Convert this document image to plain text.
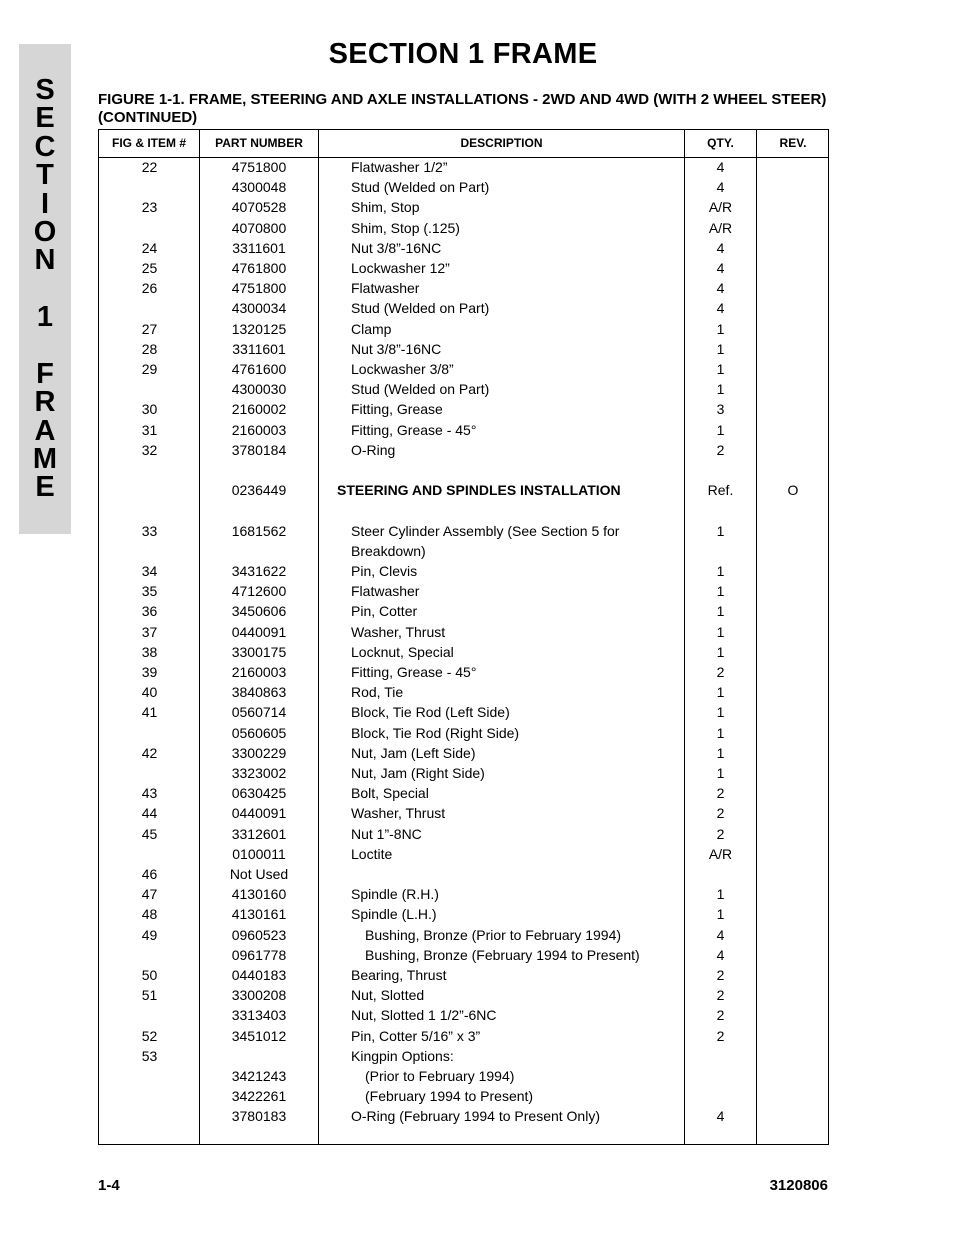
S
E
C
T
I
O
N
1
F
R
A
M
E
SECTION 1 FRAME
FIGURE 1-1. FRAME, STEERING AND AXLE INSTALLATIONS - 2WD AND 4WD (WITH 2 WHEEL STEER) (CONTINUED)
FIG & ITEM #	PART NUMBER	DESCRIPTION	QTY.	REV.
22	4751800	Flatwasher 1/2”	4
4300048	Stud (Welded on Part)	4
23	4070528	Shim, Stop	A/R
4070800	Shim, Stop (.125)	A/R
24	3311601	Nut 3/8”-16NC	4
25	4761800	Lockwasher 12”	4
26	4751800	Flatwasher	4
4300034	Stud (Welded on Part)	4
27	1320125	Clamp	1
28	3311601	Nut 3/8”-16NC	1
29	4761600	Lockwasher 3/8”	1
4300030	Stud (Welded on Part)	1
30	2160002	Fitting, Grease	3
31	2160003	Fitting, Grease - 45°	1
32	3780184	O-Ring	2
0236449	STEERING AND SPINDLES INSTALLATION	Ref.	O
33	1681562	Steer Cylinder Assembly (See Section 5 for	1
Breakdown)
34	3431622	Pin, Clevis	1
35	4712600	Flatwasher	1
36	3450606	Pin, Cotter	1
37	0440091	Washer, Thrust	1
38	3300175	Locknut, Special	1
39	2160003	Fitting, Grease - 45°	2
40	3840863	Rod, Tie	1
41	0560714	Block, Tie Rod (Left Side)	1
0560605	Block, Tie Rod (Right Side)	1
42	3300229	Nut, Jam (Left Side)	1
3323002	Nut, Jam (Right Side)	1
43	0630425	Bolt, Special	2
44	0440091	Washer, Thrust	2
45	3312601	Nut 1”-8NC	2
0100011	Loctite	A/R
46	Not Used
47	4130160	Spindle (R.H.)	1
48	4130161	Spindle (L.H.)	1
49	0960523	Bushing, Bronze (Prior to February 1994)	4
0961778	Bushing, Bronze (February 1994 to Present)	4
50	0440183	Bearing, Thrust	2
51	3300208	Nut, Slotted	2
3313403	Nut, Slotted 1 1/2”-6NC	2
52	3451012	Pin, Cotter 5/16” x 3”	2
53	Kingpin Options:
3421243	(Prior to February 1994)
3422261	(February 1994 to Present)
3780183	O-Ring (February 1994 to Present Only)	4
1-4	3120806
